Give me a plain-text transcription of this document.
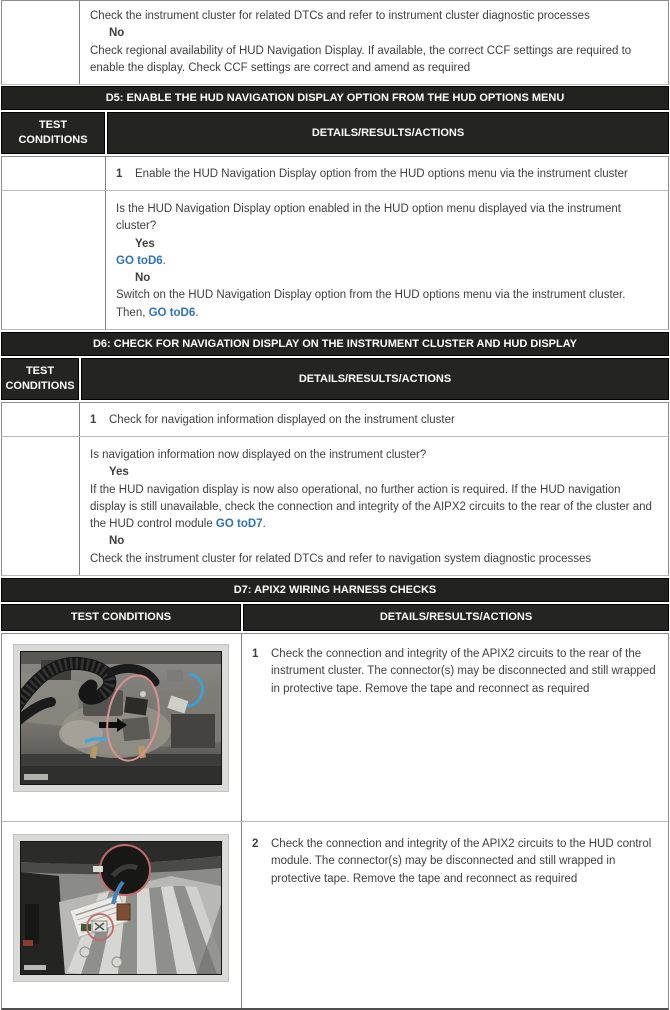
Check the instrument cluster for related DTCs and refer to instrument cluster diagnostic processes

No

Check regional availability of HUD Navigation Display. If available, the correct CCF settings are required to enable the display. Check CCF settings are correct and amend as required

D5: ENABLE THE HUD NAVIGATION DISPLAY OPTION FROM THE HUD OPTIONS MENU
TEST CONDITIONS
DETAILS/RESULTS/ACTIONS
1	Enable the HUD Navigation Display option from the HUD options menu via the instrument cluster

Is the HUD Navigation Display option enabled in the HUD option menu displayed via the instrument cluster?

Yes

GO toD6.

No

Switch on the HUD Navigation Display option from the HUD options menu via the instrument cluster. Then, GO toD6.

D6: CHECK FOR NAVIGATION DISPLAY ON THE INSTRUMENT CLUSTER AND HUD DISPLAY
TEST CONDITIONS
DETAILS/RESULTS/ACTIONS
1	Check for navigation information displayed on the instrument cluster

Is navigation information now displayed on the instrument cluster?

Yes

If the HUD navigation display is now also operational, no further action is required. If the HUD navigation display is still unavailable, check the connection and integrity of the AIPX2 circuits to the rear of the cluster and the HUD control module GO toD7.

No

Check the instrument cluster for related DTCs and refer to navigation system diagnostic processes

D7: APIX2 WIRING HARNESS CHECKS
TEST CONDITIONS	DETAILS/RESULTS/ACTIONS
1	Check the connection and integrity of the APIX2 circuits to the rear of the instrument cluster. The connector(s) may be disconnected and still wrapped in protective tape. Remove the tape and reconnect as required
2	Check the connection and integrity of the APIX2 circuits to the HUD control module. The connector(s) may be disconnected and still wrapped in protective tape. Remove the tape and reconnect as required
